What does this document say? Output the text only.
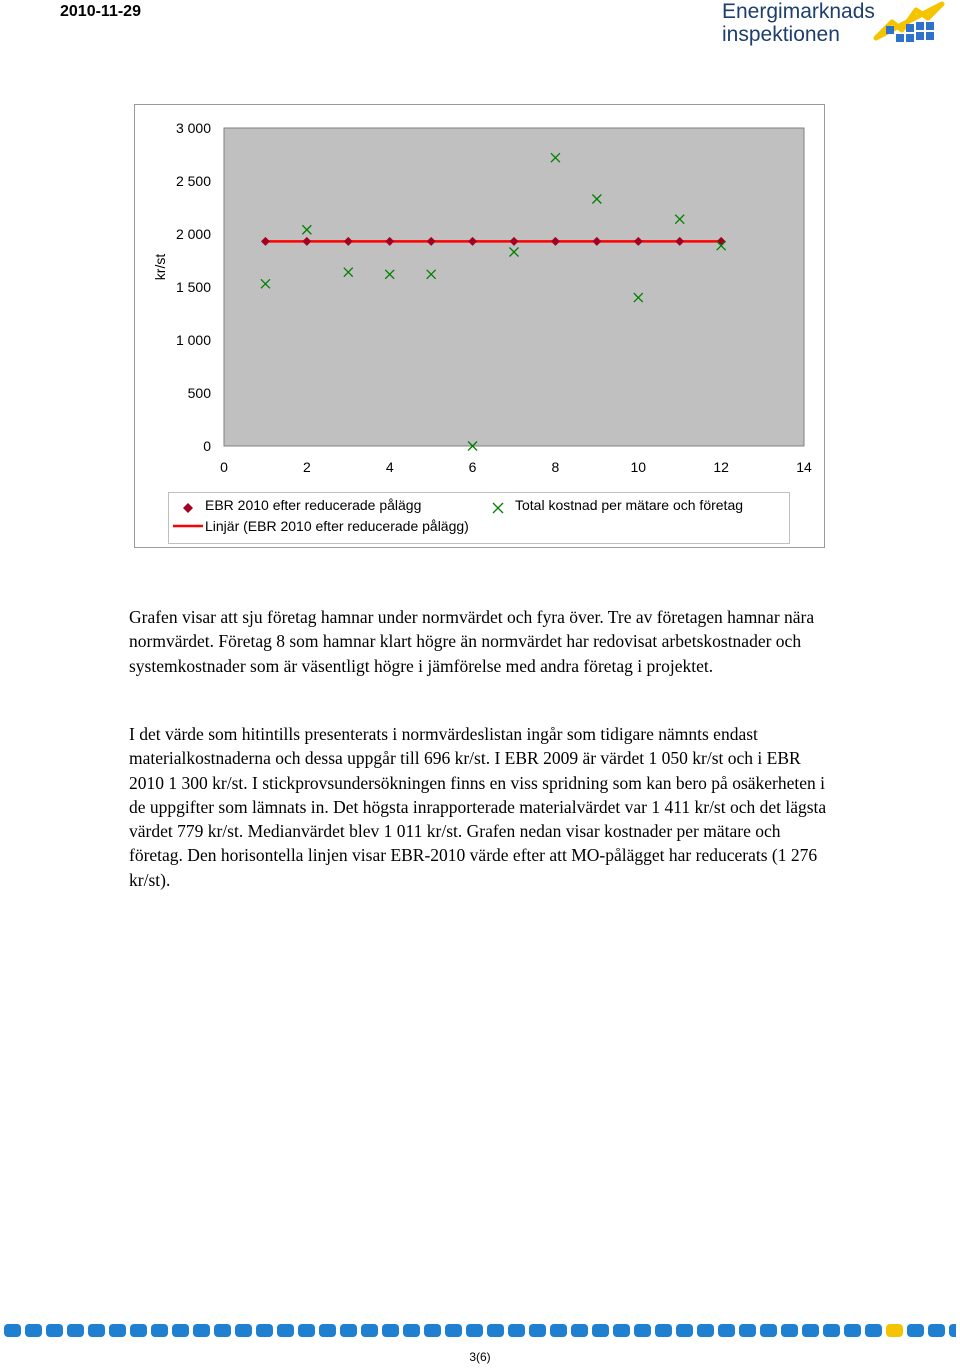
2010-11-29	Energimarknads
inspektionen
0
500
1 000
1 500
2 000
2 500
3 000
0	2	4	6	8	10	12	14
kr/st
EBR 2010 efter reducerade pålägg
Linjär (EBR 2010 efter reducerade pålägg)
Total kostnad per mätare och företag

Grafen visar att sju företag hamnar under normvärdet och fyra över. Tre av företagen hamnar nära normvärdet. Företag 8 som hamnar klart högre än normvärdet har redovisat arbetskostnader och systemkostnader som är väsentligt högre i jämförelse med andra företag i projektet.

I det värde som hitintills presenterats i normvärdeslistan ingår som tidigare nämnts endast materialkostnaderna och dessa uppgår till 696 kr/st. I EBR 2009 är värdet 1 050 kr/st och i EBR 2010 1 300 kr/st. I stickprovsundersökningen finns en viss spridning som kan bero på osäkerheten i de uppgifter som lämnats in. Det högsta inrapporterade materialvärdet var 1 411 kr/st och det lägsta värdet 779 kr/st. Medianvärdet blev 1 011 kr/st. Grafen nedan visar kostnader per mätare och företag. Den horisontella linjen visar EBR-2010 värde efter att MO-pålägget har reducerats (1 276 kr/st).

3(6)
